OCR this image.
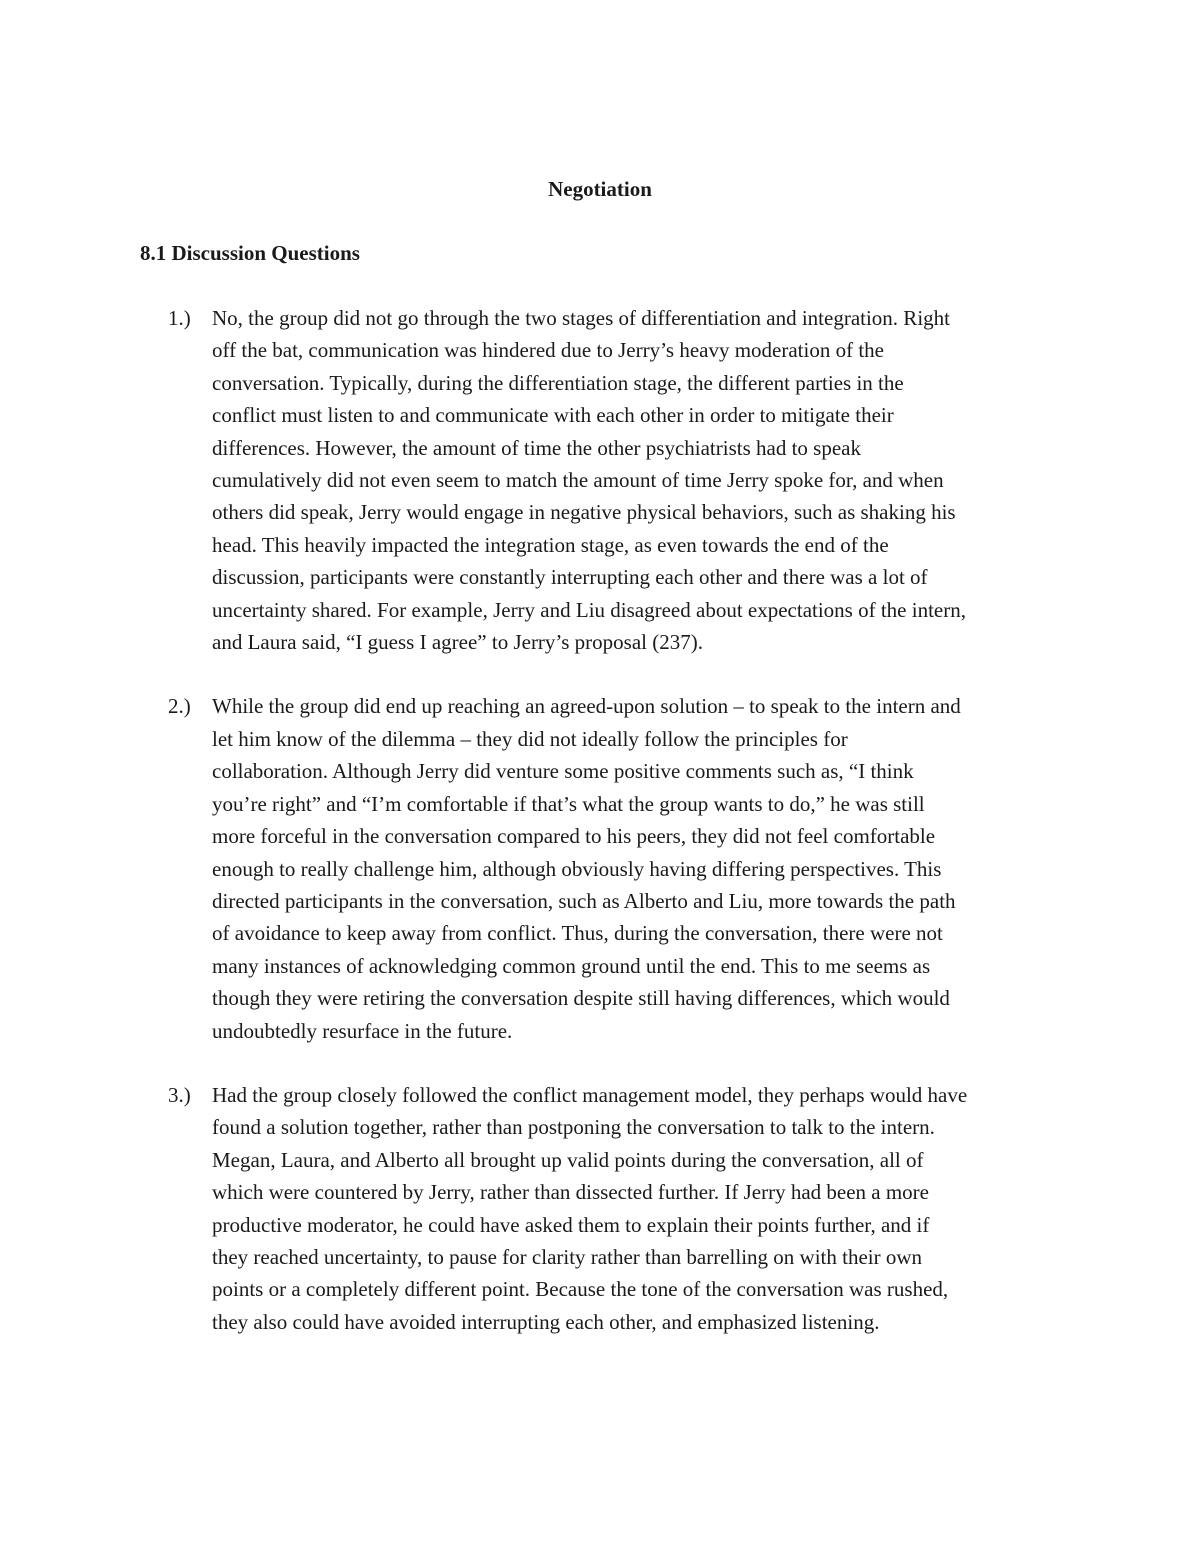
Negotiation
8.1 Discussion Questions
1.) No, the group did not go through the two stages of differentiation and integration. Right
off the bat, communication was hindered due to Jerry’s heavy moderation of the
conversation. Typically, during the differentiation stage, the different parties in the
conflict must listen to and communicate with each other in order to mitigate their
differences. However, the amount of time the other psychiatrists had to speak
cumulatively did not even seem to match the amount of time Jerry spoke for, and when
others did speak, Jerry would engage in negative physical behaviors, such as shaking his
head. This heavily impacted the integration stage, as even towards the end of the
discussion, participants were constantly interrupting each other and there was a lot of
uncertainty shared. For example, Jerry and Liu disagreed about expectations of the intern,
and Laura said, “I guess I agree” to Jerry’s proposal (237).
2.) While the group did end up reaching an agreed-upon solution – to speak to the intern and
let him know of the dilemma – they did not ideally follow the principles for
collaboration. Although Jerry did venture some positive comments such as, “I think
you’re right” and “I’m comfortable if that’s what the group wants to do,” he was still
more forceful in the conversation compared to his peers, they did not feel comfortable
enough to really challenge him, although obviously having differing perspectives. This
directed participants in the conversation, such as Alberto and Liu, more towards the path
of avoidance to keep away from conflict. Thus, during the conversation, there were not
many instances of acknowledging common ground until the end. This to me seems as
though they were retiring the conversation despite still having differences, which would
undoubtedly resurface in the future.
3.) Had the group closely followed the conflict management model, they perhaps would have
found a solution together, rather than postponing the conversation to talk to the intern.
Megan, Laura, and Alberto all brought up valid points during the conversation, all of
which were countered by Jerry, rather than dissected further. If Jerry had been a more
productive moderator, he could have asked them to explain their points further, and if
they reached uncertainty, to pause for clarity rather than barrelling on with their own
points or a completely different point. Because the tone of the conversation was rushed,
they also could have avoided interrupting each other, and emphasized listening.
